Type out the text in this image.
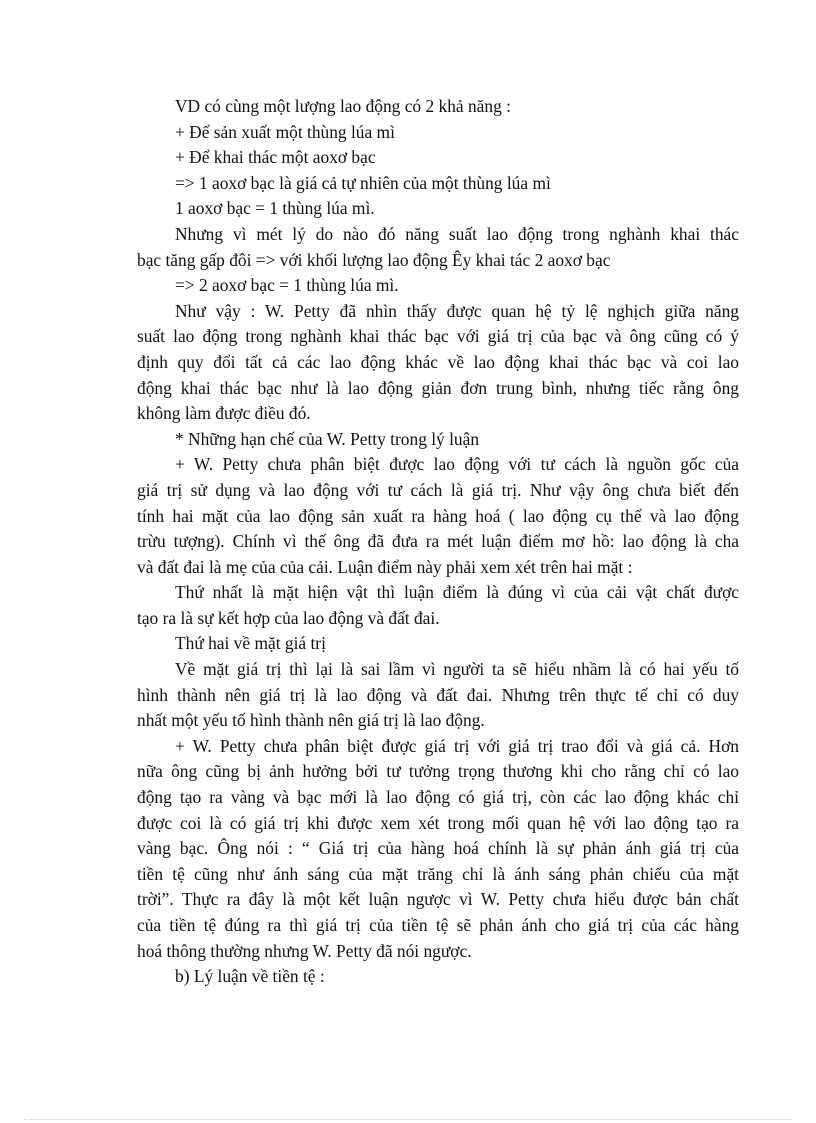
VD có cùng một lượng lao động có 2 khả năng :
+ Để sản xuất một thùng lúa mì
+ Để khai thác một aoxơ bạc
=> 1 aoxơ bạc là giá cả tự nhiên của một thùng lúa mì
1 aoxơ bạc = 1 thùng lúa mì.
Nhưng vì mét lý do nào đó năng suất lao động trong nghành khai thác
bạc tăng gấp đôi => với khối lượng lao động Êy khai tác 2 aoxơ bạc
=> 2 aoxơ bạc = 1 thùng lúa mì.
Như vậy : W. Petty đã nhìn thấy được quan hệ tỷ lệ nghịch giữa năng
suất lao động trong nghành khai thác bạc với giá trị của bạc và ông cũng có ý
định quy đổi tất cả các lao động khác về lao động khai thác bạc và coi lao
động khai thác bạc như là lao động giản đơn trung bình, nhưng tiếc rằng ông
không làm được điều đó.
* Những hạn chế của W. Petty trong lý luận
+ W. Petty chưa phân biệt được lao động với tư cách là nguồn gốc của
giá trị sử dụng và lao động với tư cách là giá trị. Như vậy ông chưa biết đến
tính hai mặt của lao động sản xuất ra hàng hoá ( lao động cụ thể và lao động
trừu tượng). Chính vì thế ông đã đưa ra mét luận điểm mơ hồ: lao động là cha
và đất đai là mẹ của của cải. Luận điểm này phải xem xét trên hai mặt :
Thứ nhất là mặt hiện vật thì luận điểm là đúng vì của cải vật chất được
tạo ra là sự kết hợp của lao động và đất đai.
Thứ hai về mặt giá trị
Về mặt giá trị thì lại là sai lầm vì người ta sẽ hiểu nhầm là có hai yếu tố
hình thành nên giá trị là lao động và đất đai. Nhưng trên thực tế chỉ có duy
nhất một yếu tố hình thành nên giá trị là lao động.
+ W. Petty chưa phân biệt được giá trị với giá trị trao đổi và giá cả. Hơn
nữa ông cũng bị ảnh hưởng bởi tư tưởng trọng thương khi cho rằng chỉ có lao
động tạo ra vàng và bạc mới là lao động có giá trị, còn các lao động khác chỉ
được coi là có giá trị khi được xem xét trong mối quan hệ với lao động tạo ra
vàng bạc. Ông nói : “ Giá trị của hàng hoá chính là sự phản ánh giá trị của
tiền tệ cũng như ánh sáng của mặt trăng chỉ là ánh sáng phản chiếu của mặt
trời”. Thực ra đây là một kết luận ngược vì W. Petty chưa hiểu được bản chất
của tiền tệ đúng ra thì giá trị của tiền tệ sẽ phản ánh cho giá trị của các hàng
hoá thông thường nhưng W. Petty đã nói ngược.
b) Lý luận về tiền tệ :
